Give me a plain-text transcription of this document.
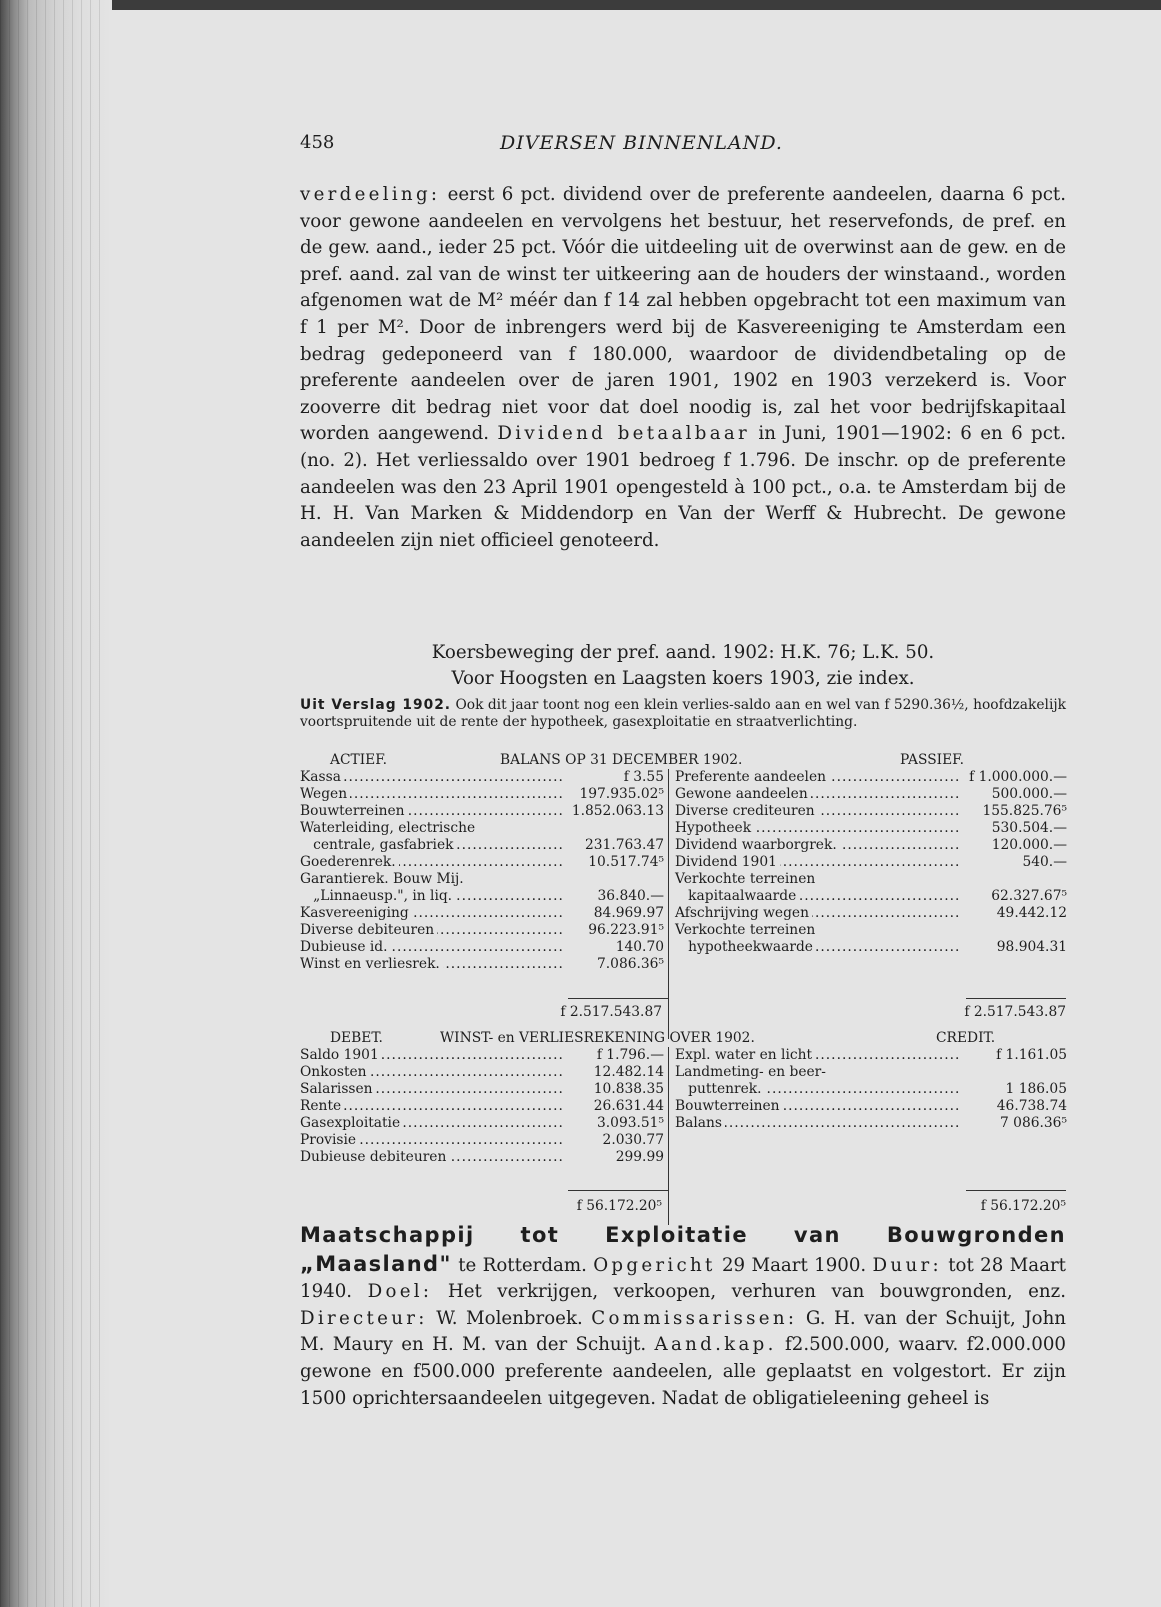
458	DIVERSEN BINNENLAND.

verdeeling: eerst 6 pct. dividend over de preferente aandeelen, daarna 6 pct. voor gewone aandeelen en vervolgens het bestuur, het reservefonds, de pref. en de gew. aand., ieder 25 pct. Vóór die uitdeeling uit de overwinst aan de gew. en de pref. aand. zal van de winst ter uitkeering aan de houders der winstaand., worden afgenomen wat de M² méér dan f 14 zal hebben opgebracht tot een maximum van f 1 per M². Door de inbrengers werd bij de Kasvereeniging te Amsterdam een bedrag gedeponeerd van f 180.000, waardoor de dividendbetaling op de preferente aandeelen over de jaren 1901, 1902 en 1903 verzekerd is. Voor zooverre dit bedrag niet voor dat doel noodig is, zal het voor bedrijfskapitaal worden aangewend. Dividend betaalbaar in Juni, 1901—1902: 6 en 6 pct. (no. 2). Het verliessaldo over 1901 bedroeg f 1.796. De inschr. op de preferente aandeelen was den 23 April 1901 opengesteld à 100 pct., o.a. te Amsterdam bij de H. H. Van Marken & Middendorp en Van der Werff & Hubrecht. De gewone aandeelen zijn niet officieel genoteerd.

Koersbeweging der pref. aand. 1902: H.K. 76; L.K. 50.
Voor Hoogsten en Laagsten koers 1903, zie index.
Uit Verslag 1902. Ook dit jaar toont nog een klein verlies-saldo aan en wel van f 5290.36½, hoofdzakelijk voortspruitende uit de rente der hypotheek, gasexploitatie en straatverlichting.
ACTIEF.	BALANS OP 31 DECEMBER 1902.	PASSIEF.
.....
Kassa	f 3.55
.....
Wegen	197.935.02⁵
.....
Bouwterreinen	1.852.063.13
Waterleiding, electrische
.....
centrale, gasfabriek	231.763.47
.....
Goederenrek.	10.517.74⁵
Garantierek. Bouw Mij.
.....
„Linnaeusp.", in liq.	36.840.—
.....
Kasvereeniging	84.969.97
.....
Diverse debiteuren	96.223.91⁵
.....
Dubieuse id.	140.70
.....
Winst en verliesrek.	7.086.36⁵
.....
Preferente aandeelen	f 1.000.000.—
.....
Gewone aandeelen	500.000.—
.....
Diverse crediteuren	155.825.76⁵
.....
Hypotheek	530.504.—
.....
Dividend waarborgrek.	120.000.—
.....
Dividend 1901	540.—
Verkochte terreinen
.....
kapitaalwaarde	62.327.67⁵
.....
Afschrijving wegen	49.442.12
Verkochte terreinen
.....
hypotheekwaarde	98.904.31
f 2.517.543.87	f 2.517.543.87
DEBET.	WINST- en VERLIESREKENING OVER 1902.	CREDIT.
.....
Saldo 1901	f 1.796.—
.....
Onkosten	12.482.14
.....
Salarissen	10.838.35
.....
Rente	26.631.44
.....
Gasexploitatie	3.093.51⁵
.....
Provisie	2.030.77
.....
Dubieuse debiteuren	299.99
.....
Expl. water en licht	f 1.161.05
Landmeting- en beer-
.....
puttenrek.	1 186.05
.....
Bouwterreinen	46.738.74
.....
Balans	7 086.36⁵
f 56.172.20⁵	f 56.172.20⁵

Maatschappij tot Exploitatie van Bouwgronden „Maasland" te Rotterdam. Opgericht 29 Maart 1900. Duur: tot 28 Maart 1940. Doel: Het verkrijgen, verkoopen, verhuren van bouwgronden, enz. Directeur: W. Molenbroek. Commissarissen: G. H. van der Schuijt, John M. Maury en H. M. van der Schuijt. Aand.kap. f2.500.000, waarv. f2.000.000 gewone en f500.000 preferente aandeelen, alle geplaatst en volgestort. Er zijn 1500 oprichtersaandeelen uitgegeven. Nadat de obligatieleening geheel is
